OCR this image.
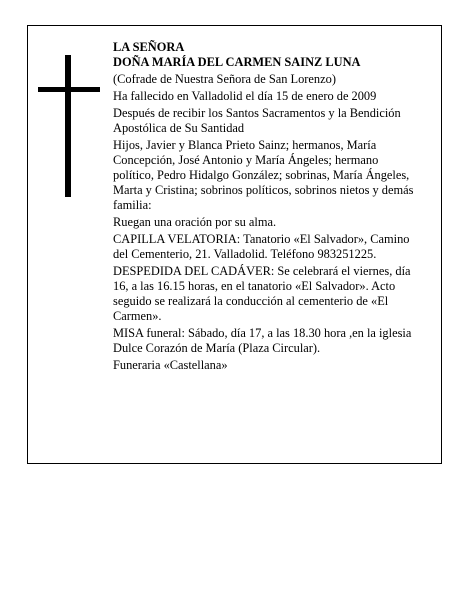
LA SEÑORA

DOÑA MARÍA DEL CARMEN SAINZ LUNA

(Cofrade de Nuestra Señora de San Lorenzo)

Ha fallecido en Valladolid el día 15 de enero de 2009

Después de recibir los Santos Sacramentos y la Bendición Apostólica de Su Santidad

Hijos, Javier y Blanca Prieto Sainz; hermanos, María Concepción, José Antonio y María Ángeles; hermano político, Pedro Hidalgo González; sobrinas, María Ángeles, Marta y Cristina; sobrinos políticos, sobrinos nietos y demás familia:

Ruegan una oración por su alma.

CAPILLA VELATORIA: Tanatorio «El Salvador», Camino del Cementerio, 21. Valladolid. Teléfono 983251225.

DESPEDIDA DEL CADÁVER: Se celebrará el viernes, día 16, a las 16.15 horas, en el tanatorio «El Salvador». Acto seguido se realizará la conducción al cementerio de «El Carmen».

MISA funeral: Sábado, día 17, a las 18.30 hora ,en la iglesia Dulce Corazón de María (Plaza Circular).

Funeraria «Castellana»
